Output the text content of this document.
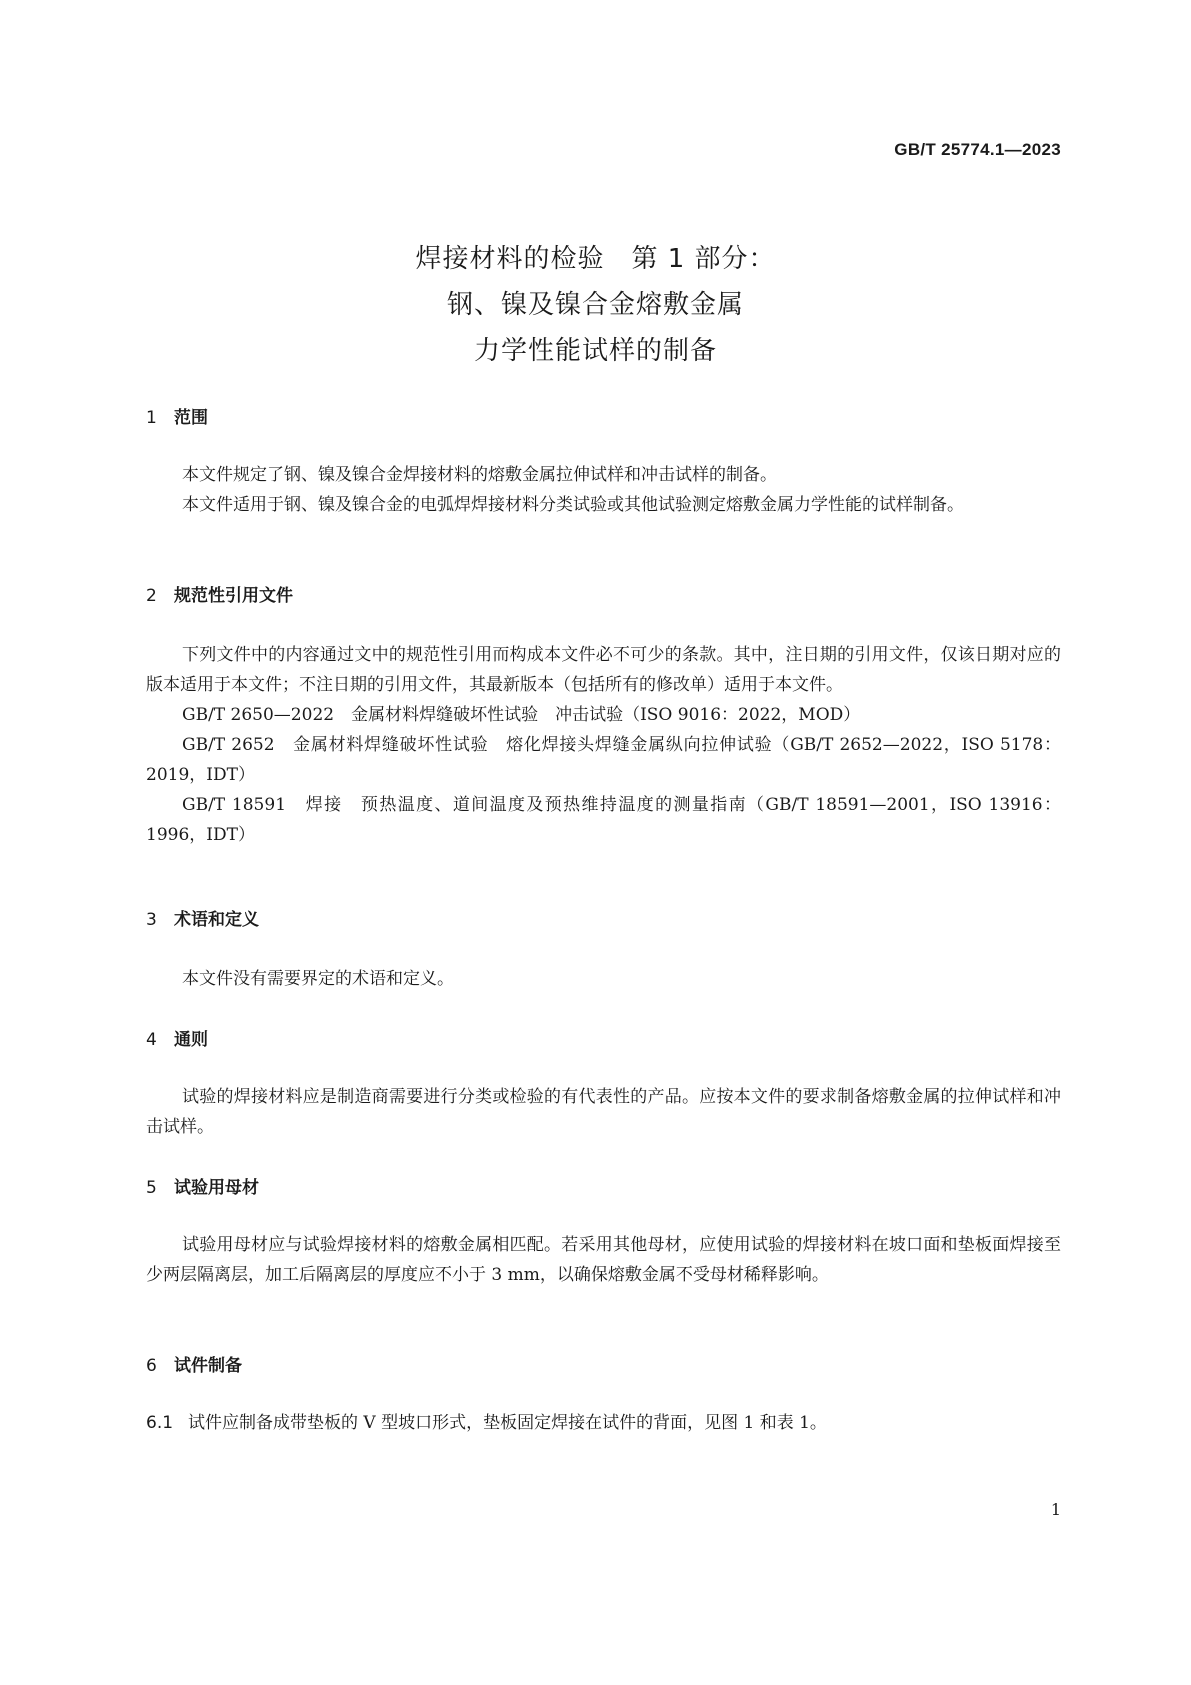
GB/T 25774.1—2023
焊接材料的检验　第 1 部分：
钢、镍及镍合金熔敷金属
力学性能试样的制备
1 范围

本文件规定了钢、镍及镍合金焊接材料的熔敷金属拉伸试样和冲击试样的制备。

本文件适用于钢、镍及镍合金的电弧焊焊接材料分类试验或其他试验测定熔敷金属力学性能的试样制备。

2 规范性引用文件

下列文件中的内容通过文中的规范性引用而构成本文件必不可少的条款。其中，注日期的引用文件，仅该日期对应的版本适用于本文件；不注日期的引用文件，其最新版本（包括所有的修改单）适用于本文件。

GB/T 2650—2022　金属材料焊缝破坏性试验　冲击试验（ISO 9016：2022，MOD）

GB/T 2652　金属材料焊缝破坏性试验　熔化焊接头焊缝金属纵向拉伸试验（GB/T 2652—2022，ISO 5178：2019，IDT）

GB/T 18591　焊接　预热温度、道间温度及预热维持温度的测量指南（GB/T 18591—2001，ISO 13916：1996，IDT）

3 术语和定义

本文件没有需要界定的术语和定义。

4 通则

试验的焊接材料应是制造商需要进行分类或检验的有代表性的产品。应按本文件的要求制备熔敷金属的拉伸试样和冲击试样。

5 试验用母材

试验用母材应与试验焊接材料的熔敷金属相匹配。若采用其他母材，应使用试验的焊接材料在坡口面和垫板面焊接至少两层隔离层，加工后隔离层的厚度应不小于 3 mm，以确保熔敷金属不受母材稀释影响。

6 试件制备
6.1 试件应制备成带垫板的 V 型坡口形式，垫板固定焊接在试件的背面，见图 1 和表 1。
1
